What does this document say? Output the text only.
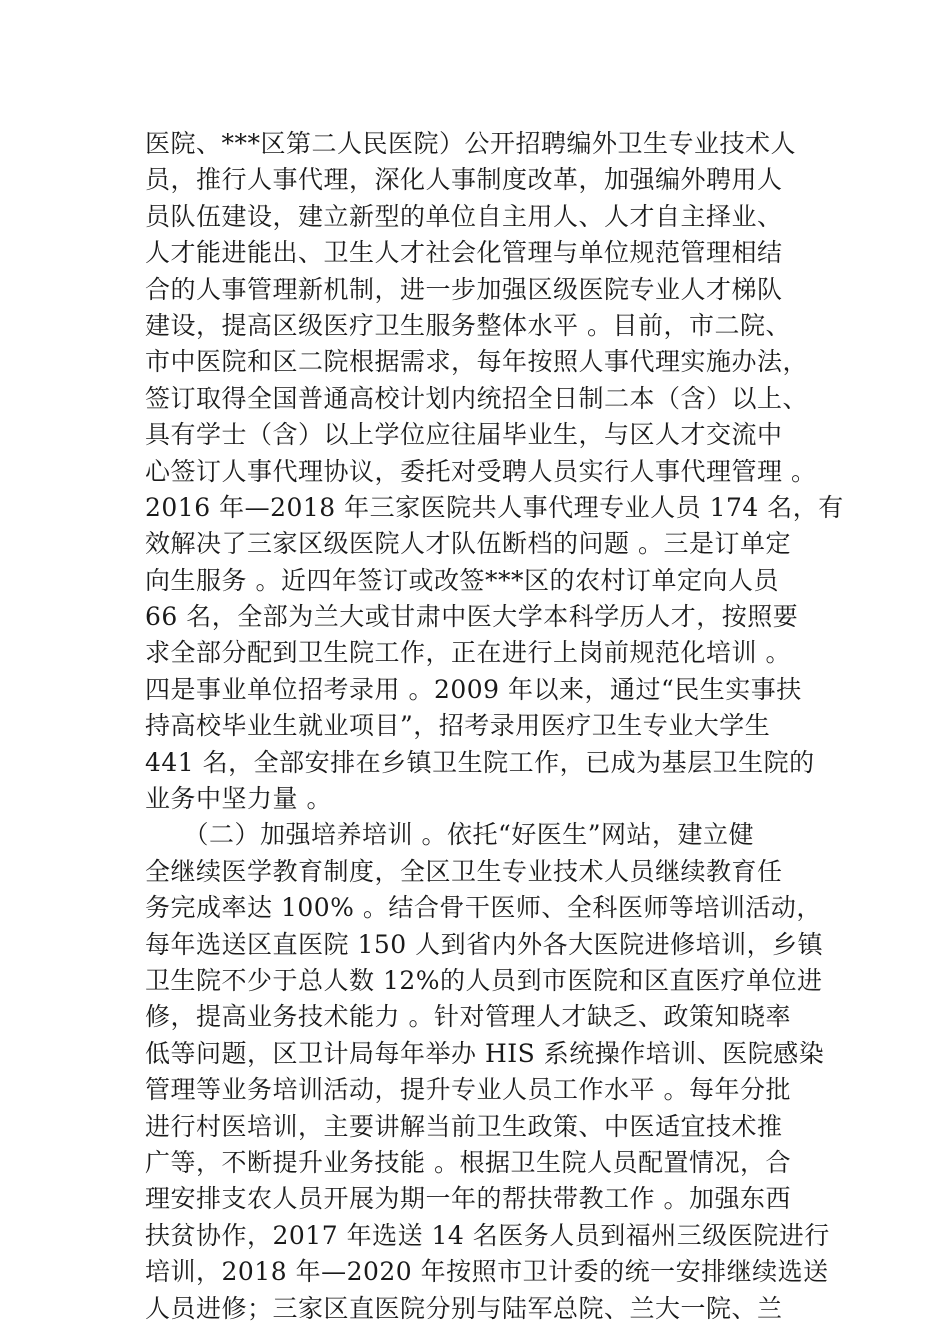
医院、***区第二人民医院）公开招聘编外卫生专业技术人
员，推行人事代理，深化人事制度改革，加强编外聘用人
员队伍建设，建立新型的单位自主用人、人才自主择业、
人才能进能出、卫生人才社会化管理与单位规范管理相结
合的人事管理新机制，进一步加强区级医院专业人才梯队
建设，提高区级医疗卫生服务整体水平 。目前，市二院、
市中医院和区二院根据需求，每年按照人事代理实施办法，
签订取得全国普通高校计划内统招全日制二本（含）以上、
具有学士（含）以上学位应往届毕业生，与区人才交流中
心签订人事代理协议，委托对受聘人员实行人事代理管理 。
2016 年—2018 年三家医院共人事代理专业人员 174 名，有
效解决了三家区级医院人才队伍断档的问题 。三是订单定
向生服务 。近四年签订或改签***区的农村订单定向人员
66 名，全部为兰大或甘肃中医大学本科学历人才，按照要
求全部分配到卫生院工作，正在进行上岗前规范化培训 。
四是事业单位招考录用 。2009 年以来，通过“民生实事扶
持高校毕业生就业项目”，招考录用医疗卫生专业大学生
441 名，全部安排在乡镇卫生院工作，已成为基层卫生院的
业务中坚力量 。
　　（二）加强培养培训 。依托“好医生”网站，建立健
全继续医学教育制度，全区卫生专业技术人员继续教育任
务完成率达 100% 。结合骨干医师、全科医师等培训活动，
每年选送区直医院 150 人到省内外各大医院进修培训，乡镇
卫生院不少于总人数 12%的人员到市医院和区直医疗单位进
修，提高业务技术能力 。针对管理人才缺乏、政策知晓率
低等问题，区卫计局每年举办 HIS 系统操作培训、医院感染
管理等业务培训活动，提升专业人员工作水平 。每年分批
进行村医培训，主要讲解当前卫生政策、中医适宜技术推
广等，不断提升业务技能 。根据卫生院人员配置情况，合
理安排支农人员开展为期一年的帮扶带教工作 。加强东西
扶贫协作，2017 年选送 14 名医务人员到福州三级医院进行
培训，2018 年—2020 年按照市卫计委的统一安排继续选送
人员进修；三家区直医院分别与陆军总院、兰大一院、兰
